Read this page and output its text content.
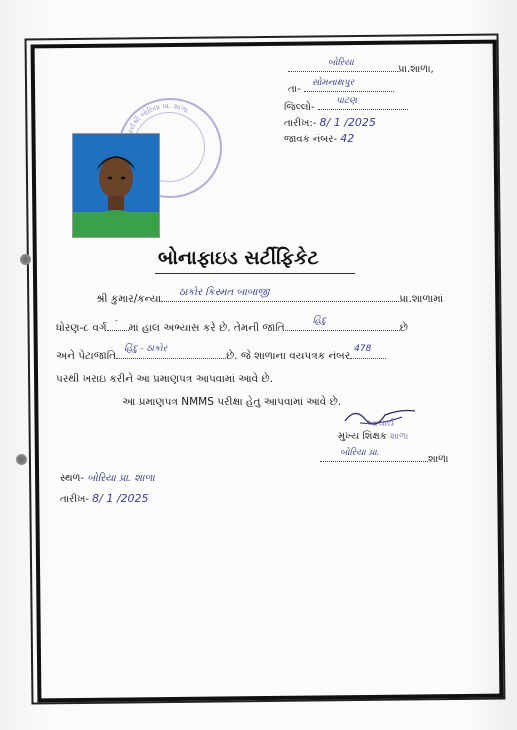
બોરિયા
પ્રા.શાળા,
તા-
સોમનાથપુર
જિલ્લો-
પાટણ
તારીખ:- 8/ 1 /2025
જાવક નંબર- 42
ર્યશ્રી બોરિયા પ્રા. શાળા
બોનાફાઇડ સર્ટીફિકેટ
શ્રી કુમાર/કન્યા
ઠાકોર કિસ્મત બાબાજી
પ્રા.શાળામાં
ધોરણ-૮ વર્ગ
-
માં હાલ અભ્યાસ કરે છે. તેમની જાતિ
હિંદુ
છે
અને પેટાજાતિ
હિંદુ - ઠાકોર
છે. જે શાળાના વયપત્રક નંબર
478
પરથી ખરાઇ કરીને આ પ્રમાણપત્ર આપવામાં આવે છે.
આ પ્રમાણપત્ર NMMS પરીક્ષા હેતુ આપવામાં આવે છે.
આચાર્ય
મુખ્ય શિક્ષક શાળા
બોરિયા પ્રા.
શાળા
સ્થળ- બોરિયા પ્રા. શાળા
તારીખ- 8/ 1 /2025
